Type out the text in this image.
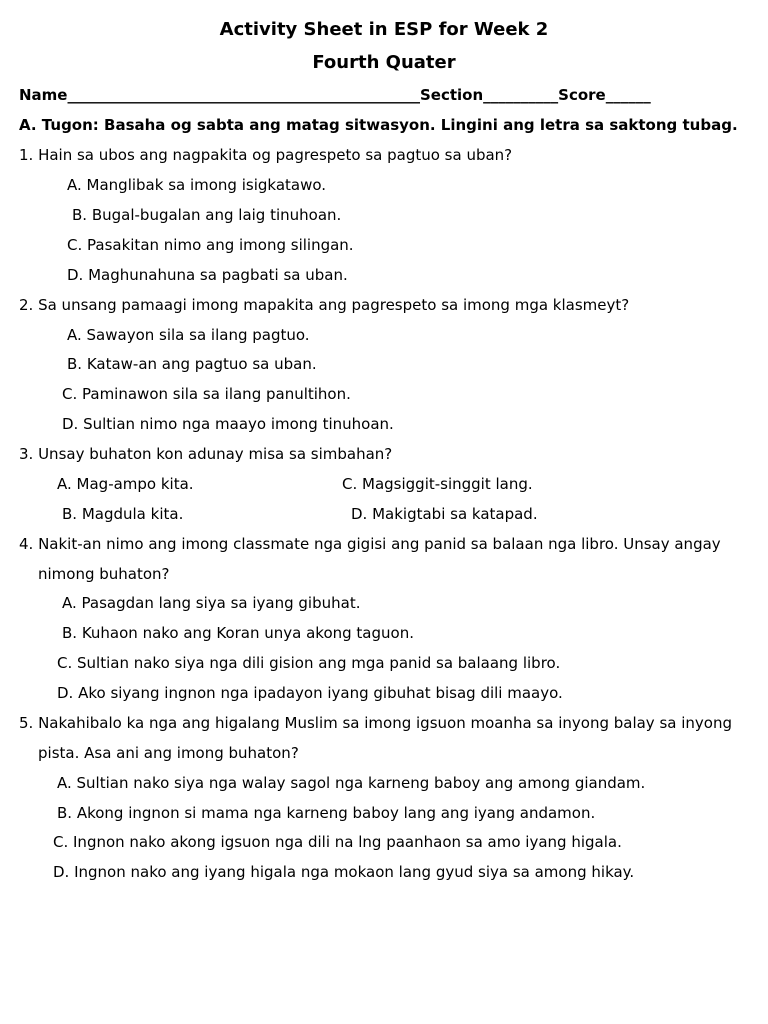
Activity Sheet in ESP for Week 2
Fourth Quater
Name_______________________________________________Section__________Score______
A. Tugon: Basaha og sabta ang matag sitwasyon. Lingini ang letra sa saktong tubag.
1. Hain sa ubos ang nagpakita og pagrespeto sa pagtuo sa uban?
A. Manglibak sa imong isigkatawo.
B. Bugal-bugalan ang laig tinuhoan.
C. Pasakitan nimo ang imong silingan.
D. Maghunahuna sa pagbati sa uban.
2. Sa unsang pamaagi imong mapakita ang pagrespeto sa imong mga klasmeyt?
A. Sawayon sila sa ilang pagtuo.
B. Kataw-an ang pagtuo sa uban.
C. Paminawon sila sa ilang panultihon.
D. Sultian nimo nga maayo imong tinuhoan.
3. Unsay buhaton kon adunay misa sa simbahan?
A. Mag-ampo kita.	C. Magsiggit-singgit lang.
B. Magdula kita.	D. Makigtabi sa katapad.
4. Nakit-an nimo ang imong classmate nga gigisi ang panid sa balaan nga libro. Unsay angay
nimong buhaton?
A. Pasagdan lang siya sa iyang gibuhat.
B. Kuhaon nako ang Koran unya akong taguon.
C. Sultian nako siya nga dili gision ang mga panid sa balaang libro.
D. Ako siyang ingnon nga ipadayon iyang gibuhat bisag dili maayo.
5. Nakahibalo ka nga ang higalang Muslim sa imong igsuon moanha sa inyong balay sa inyong
pista. Asa ani ang imong buhaton?
A. Sultian nako siya nga walay sagol nga karneng baboy ang among giandam.
B. Akong ingnon si mama nga karneng baboy lang ang iyang andamon.
C. Ingnon nako akong igsuon nga dili na lng paanhaon sa amo iyang higala.
D. Ingnon nako ang iyang higala nga mokaon lang gyud siya sa among hikay.
